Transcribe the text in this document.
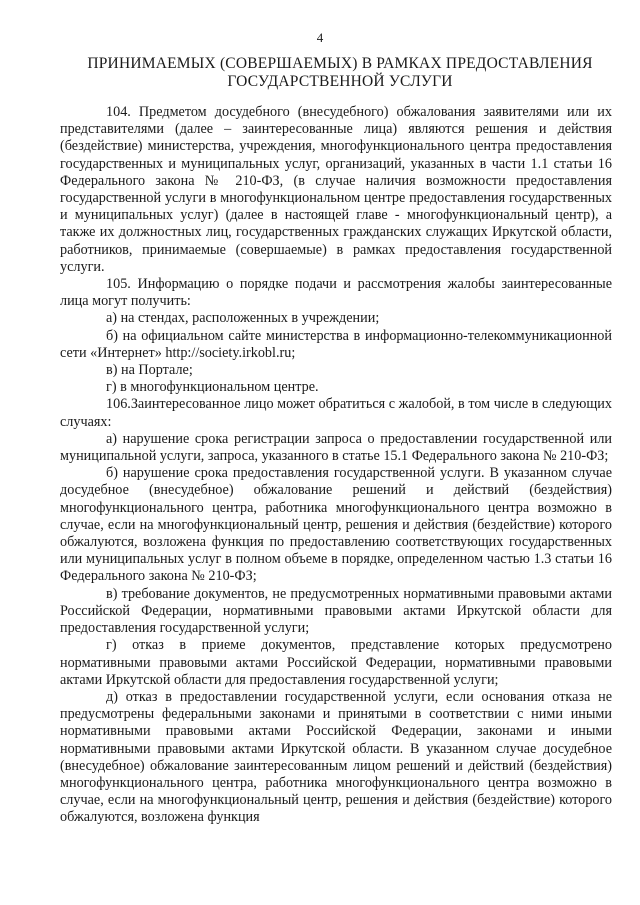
4
ПРИНИМАЕМЫХ (СОВЕРШАЕМЫХ) В РАМКАХ ПРЕДОСТАВЛЕНИЯ ГОСУДАРСТВЕННОЙ УСЛУГИ

104. Предметом досудебного (внесудебного) обжалования заявителями или их представителями (далее – заинтересованные лица) являются решения и действия (бездействие) министерства, учреждения, многофункционального центра предоставления государственных и муниципальных услуг, организаций, указанных в части 1.1 статьи 16 Федерального закона № 210-ФЗ, (в случае наличия возможности предоставления государственной услуги в многофункциональном центре предоставления государственных и муниципальных услуг) (далее в настоящей главе - многофункциональный центр), а также их должностных лиц, государственных гражданских служащих Иркутской области, работников, принимаемые (совершаемые) в рамках предоставления государственной услуги.

105. Информацию о порядке подачи и рассмотрения жалобы заинтересованные лица могут получить:

а) на стендах, расположенных в учреждении;

б) на официальном сайте министерства в информационно-телекоммуникационной сети «Интернет» http://society.irkobl.ru;

в) на Портале;

г) в многофункциональном центре.

106.Заинтересованное лицо может обратиться с жалобой, в том числе в следующих случаях:

а) нарушение срока регистрации запроса о предоставлении государственной или муниципальной услуги, запроса, указанного в статье 15.1 Федерального закона № 210-ФЗ;

б) нарушение срока предоставления государственной услуги. В указанном случае досудебное (внесудебное) обжалование решений и действий (бездействия) многофункционального центра, работника многофункционального центра возможно в случае, если на многофункциональный центр, решения и действия (бездействие) которого обжалуются, возложена функция по предоставлению соответствующих государственных или муниципальных услуг в полном объеме в порядке, определенном частью 1.3 статьи 16 Федерального закона № 210-ФЗ;

в) требование документов, не предусмотренных нормативными правовыми актами Российской Федерации, нормативными правовыми актами Иркутской области для предоставления государственной услуги;

г) отказ в приеме документов, представление которых предусмотрено нормативными правовыми актами Российской Федерации, нормативными правовыми актами Иркутской области для предоставления государственной услуги;

д) отказ в предоставлении государственной услуги, если основания отказа не предусмотрены федеральными законами и принятыми в соответствии с ними иными нормативными правовыми актами Российской Федерации, законами и иными нормативными правовыми актами Иркутской области. В указанном случае досудебное (внесудебное) обжалование заинтересованным лицом решений и действий (бездействия) многофункционального центра, работника многофункционального центра возможно в случае, если на многофункциональный центр, решения и действия (бездействие) которого обжалуются, возложена функция
